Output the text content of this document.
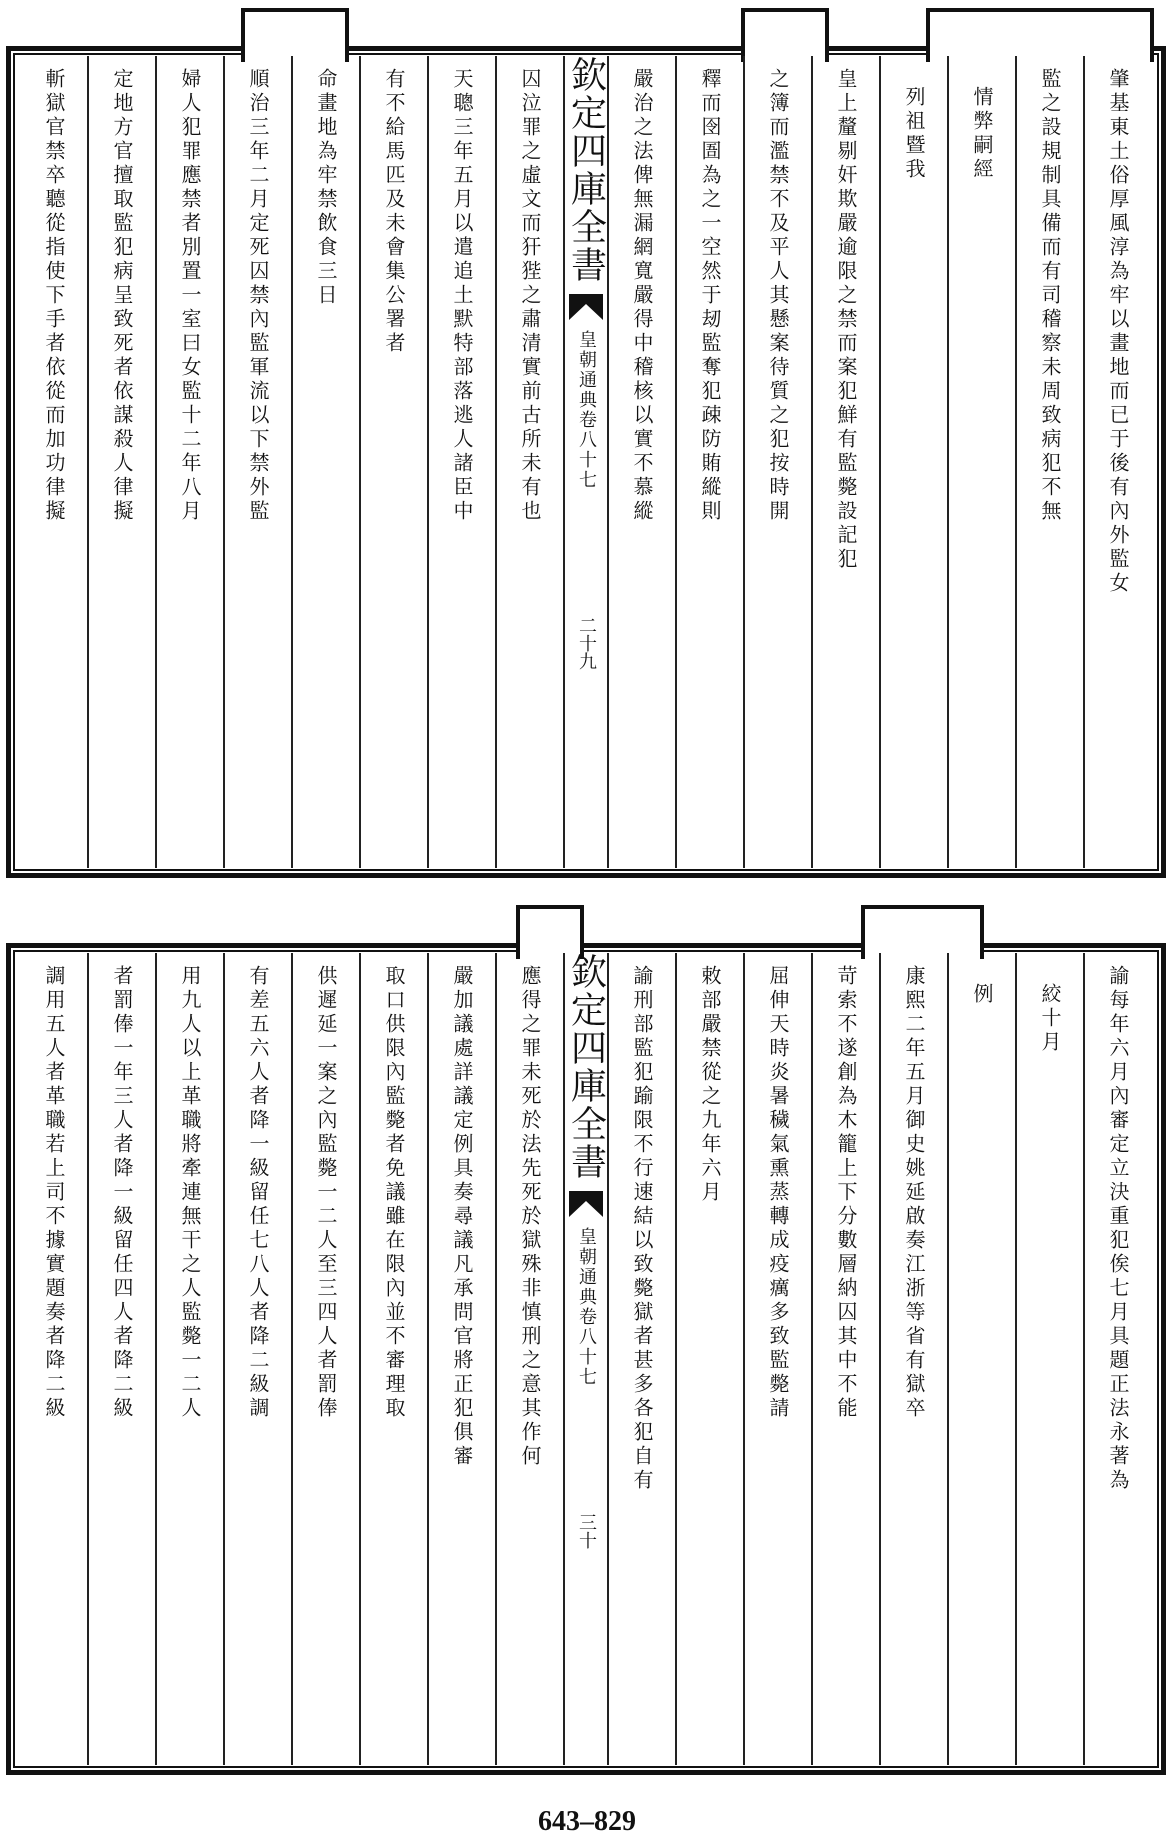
肇基東土俗厚風淳為牢以畫地而已于後有內外監女
監之設規制具備而有司稽察未周致病犯不無
情弊嗣經
列祖暨我
皇上釐剔奸欺嚴逾限之禁而案犯鮮有監斃設記犯
之簿而濫禁不及平人其懸案待質之犯按時開
釋而囹圄為之一空然于刼監奪犯疎防賄縱則
嚴治之法俾無漏網寬嚴得中稽核以實不慕縱
欽定四庫全書
皇朝通典卷八十七
二十九
囚泣罪之虛文而犴狴之肅清實前古所未有也
天聰三年五月以遣追土默特部落逃人諸臣中
有不給馬匹及未會集公署者
命畫地為牢禁飲食三日
順治三年二月定死囚禁內監軍流以下禁外監
婦人犯罪應禁者別置一室曰女監十二年八月
定地方官擅取監犯病呈致死者依謀殺人律擬
斬獄官禁卒聽從指使下手者依從而加功律擬
諭每年六月內審定立決重犯俟七月具題正法永著為
絞十月
例
康熙二年五月御史姚延啟奏江浙等省有獄卒
苛索不遂創為木籠上下分數層納囚其中不能
屈伸天時炎暑穢氣熏蒸轉成疫癘多致監斃請
敕部嚴禁從之九年六月
諭刑部監犯踰限不行速結以致斃獄者甚多各犯自有
欽定四庫全書
皇朝通典卷八十七
三十
應得之罪未死於法先死於獄殊非慎刑之意其作何
嚴加議處詳議定例具奏尋議凡承問官將正犯俱審
取口供限內監斃者免議雖在限內並不審理取
供遲延一案之內監斃一二人至三四人者罰俸
有差五六人者降一級留任七八人者降二級調
用九人以上革職將牽連無干之人監斃一二人
者罰俸一年三人者降一級留任四人者降二級
調用五人者革職若上司不據實題奏者降二級
643–829
